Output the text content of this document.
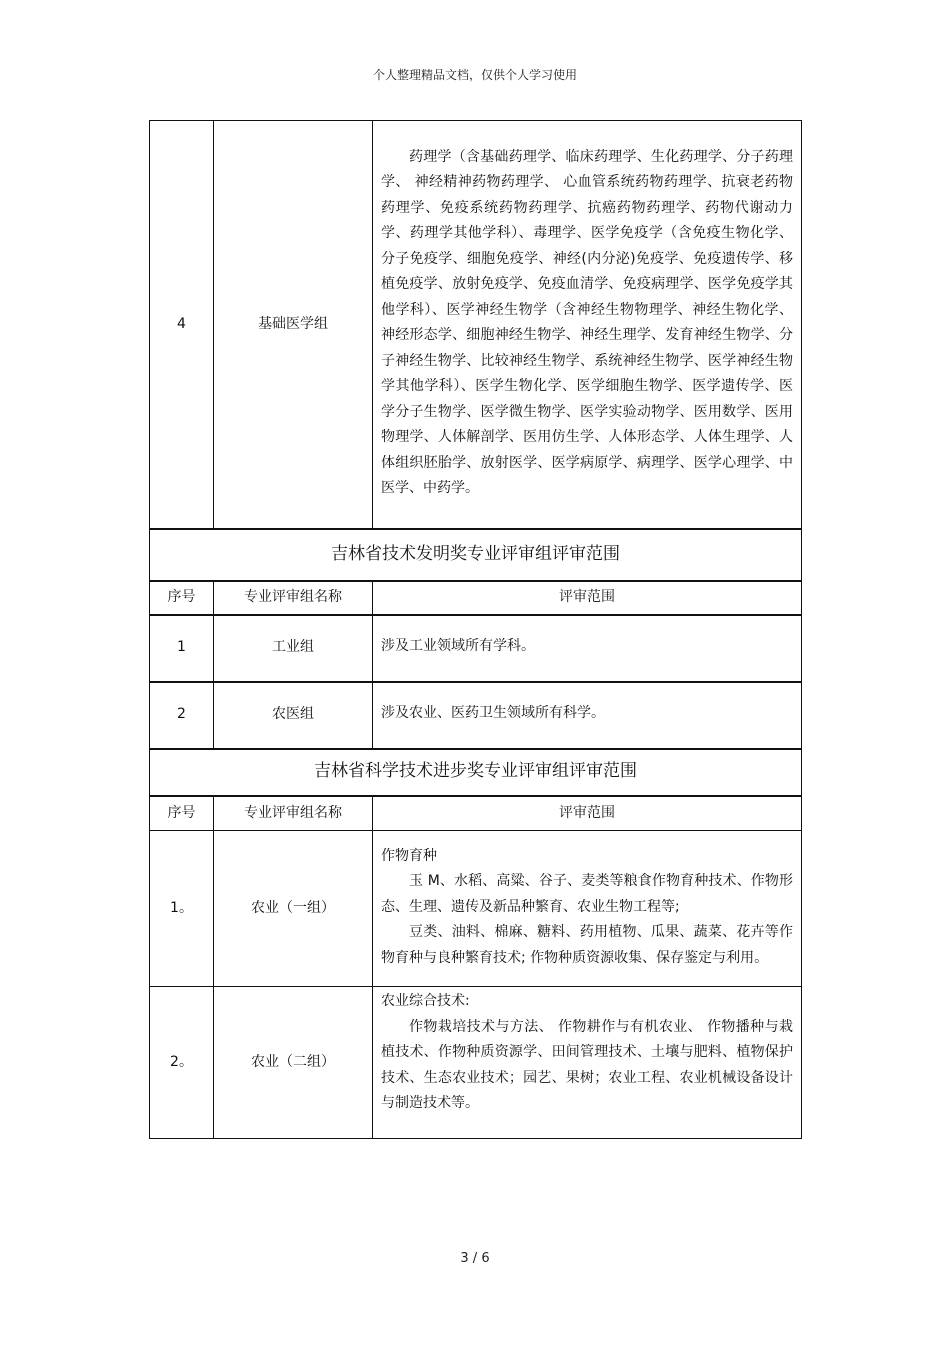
个人整理精品文档，仅供个人学习使用
4	基础医学组	药理学（含基础药理学、临床药理学、生化药理学、分子药理学、 神经精神药物药理学、 心血管系统药物药理学、抗衰老药物药理学、免疫系统药物药理学、抗癌药物药理学、药物代谢动力学、药理学其他学科）、毒理学、医学免疫学（含免疫生物化学、分子免疫学、细胞免疫学、神经(内分泌)免疫学、免疫遗传学、移植免疫学、放射免疫学、免疫血清学、免疫病理学、医学免疫学其他学科）、医学神经生物学（含神经生物物理学、神经生物化学、神经形态学、细胞神经生物学、神经生理学、发育神经生物学、分子神经生物学、比较神经生物学、系统神经生物学、医学神经生物学其他学科）、医学生物化学、医学细胞生物学、医学遗传学、医学分子生物学、医学微生物学、医学实验动物学、医用数学、医用物理学、人体解剖学、医用仿生学、人体形态学、人体生理学、人体组织胚胎学、放射医学、医学病原学、病理学、医学心理学、中医学、中药学。

吉林省技术发明奖专业评审组评审范围		
序号	专业评审组名称	评审范围
1	工业组	涉及工业领域所有学科。
2	农医组	涉及农业、医药卫生领域所有科学。
吉林省科学技术进步奖专业评审组评审范围		
序号	专业评审组名称	评审范围
1。	农业（一组）	作物育种

玉 M、水稻、高粱、谷子、麦类等粮食作物育种技术、作物形态、生理、遗传及新品种繁育、农业生物工程等;

豆类、油料、棉麻、糖料、药用植物、瓜果、蔬菜、花卉等作物育种与良种繁育技术; 作物种质资源收集、保存鉴定与利用。

2。	农业（二组）	农业综合技术:

作物栽培技术与方法、 作物耕作与有机农业、 作物播种与栽植技术、作物种质资源学、田间管理技术、土壤与肥料、植物保护技术、生态农业技术；园艺、果树；农业工程、农业机械设备设计与制造技术等。

3 / 6
